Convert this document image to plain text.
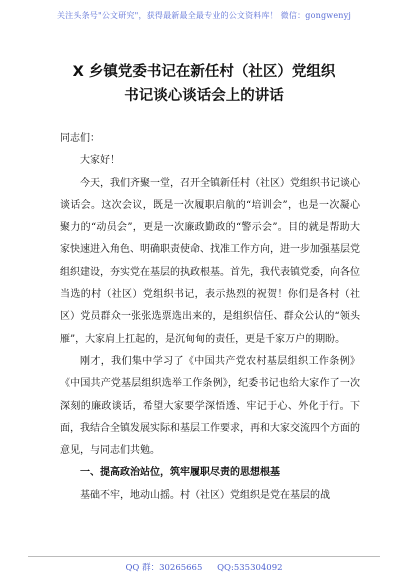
关注头条号"公文研究"，获得最新最全最专业的公文资料库！ 微信：gongwenyj
X 乡镇党委书记在新任村（社区）党组织
书记谈心谈话会上的讲话

同志们：

大家好！

今天，我们齐聚一堂，召开全镇新任村（社区）党组织书记谈心谈话会。这次会议，既是一次履职启航的“培训会”，也是一次凝心聚力的“动员会”，更是一次廉政勤政的“警示会”。目的就是帮助大家快速进入角色、明确职责使命、找准工作方向，进一步加强基层党组织建设，夯实党在基层的执政根基。首先，我代表镇党委，向各位当选的村（社区）党组织书记，表示热烈的祝贺！你们是各村（社区）党员群众一张张选票选出来的，是组织信任、群众公认的“领头雁”，大家肩上扛起的，是沉甸甸的责任，更是千家万户的期盼。

刚才，我们集中学习了《中国共产党农村基层组织工作条例》《中国共产党基层组织选举工作条例》，纪委书记也给大家作了一次深刻的廉政谈话，希望大家要学深悟透、牢记于心、外化于行。下面，我结合全镇发展实际和基层工作要求，再和大家交流四个方面的意见，与同志们共勉。

一、提高政治站位，筑牢履职尽责的思想根基

基础不牢，地动山摇。村（社区）党组织是党在基层的战

QQ 群：30265665 QQ:535304092
